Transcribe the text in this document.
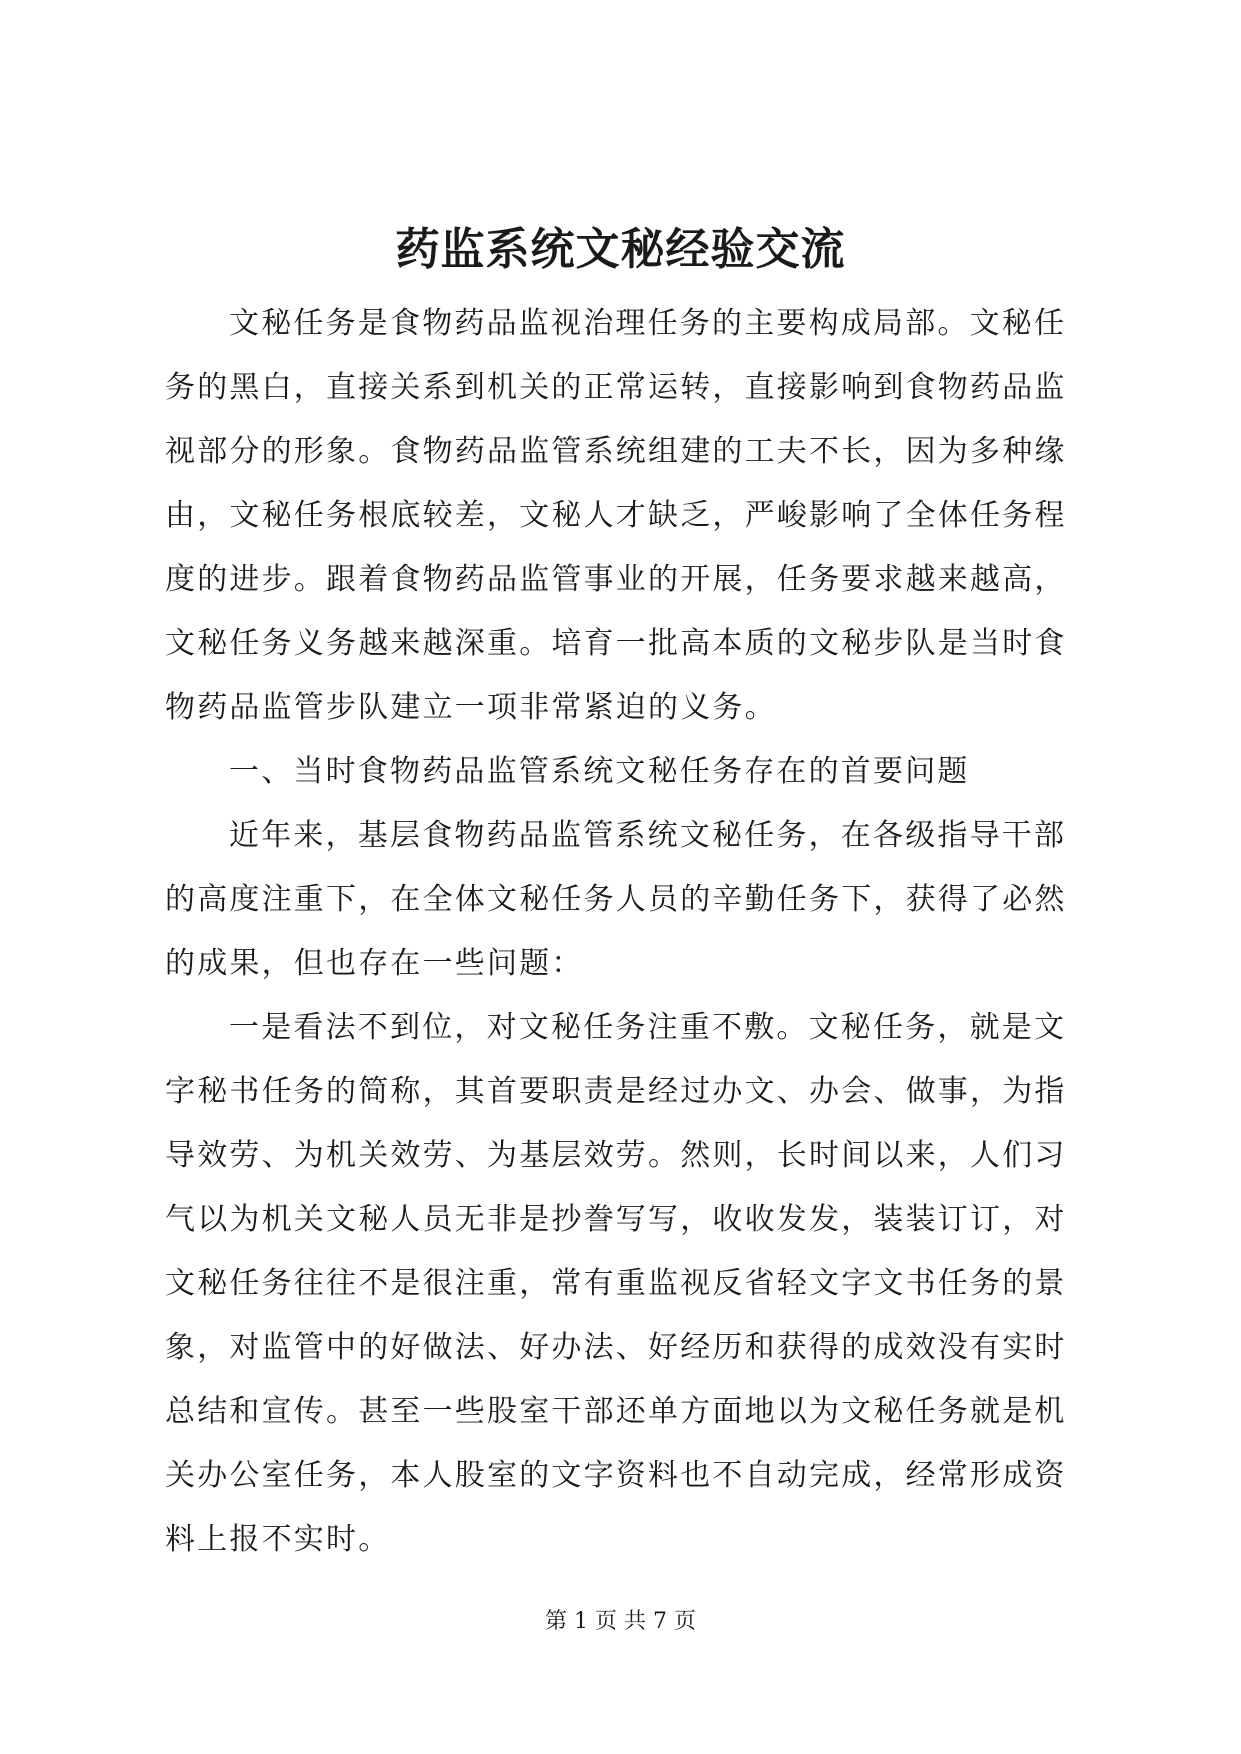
药监系统文秘经验交流
文秘任务是食物药品监视治理任务的主要构成局部。文秘任
务的黑白，直接关系到机关的正常运转，直接影响到食物药品监
视部分的形象。食物药品监管系统组建的工夫不长，因为多种缘
由，文秘任务根底较差，文秘人才缺乏，严峻影响了全体任务程
度的进步。跟着食物药品监管事业的开展，任务要求越来越高，
文秘任务义务越来越深重。培育一批高本质的文秘步队是当时食
物药品监管步队建立一项非常紧迫的义务。
一、当时食物药品监管系统文秘任务存在的首要问题
近年来，基层食物药品监管系统文秘任务，在各级指导干部
的高度注重下，在全体文秘任务人员的辛勤任务下，获得了必然
的成果，但也存在一些问题：
一是看法不到位，对文秘任务注重不敷。文秘任务，就是文
字秘书任务的简称，其首要职责是经过办文、办会、做事，为指
导效劳、为机关效劳、为基层效劳。然则，长时间以来，人们习
气以为机关文秘人员无非是抄誊写写，收收发发，装装订订，对
文秘任务往往不是很注重，常有重监视反省轻文字文书任务的景
象，对监管中的好做法、好办法、好经历和获得的成效没有实时
总结和宣传。甚至一些股室干部还单方面地以为文秘任务就是机
关办公室任务，本人股室的文字资料也不自动完成，经常形成资
料上报不实时。
第 1 页 共 7 页
